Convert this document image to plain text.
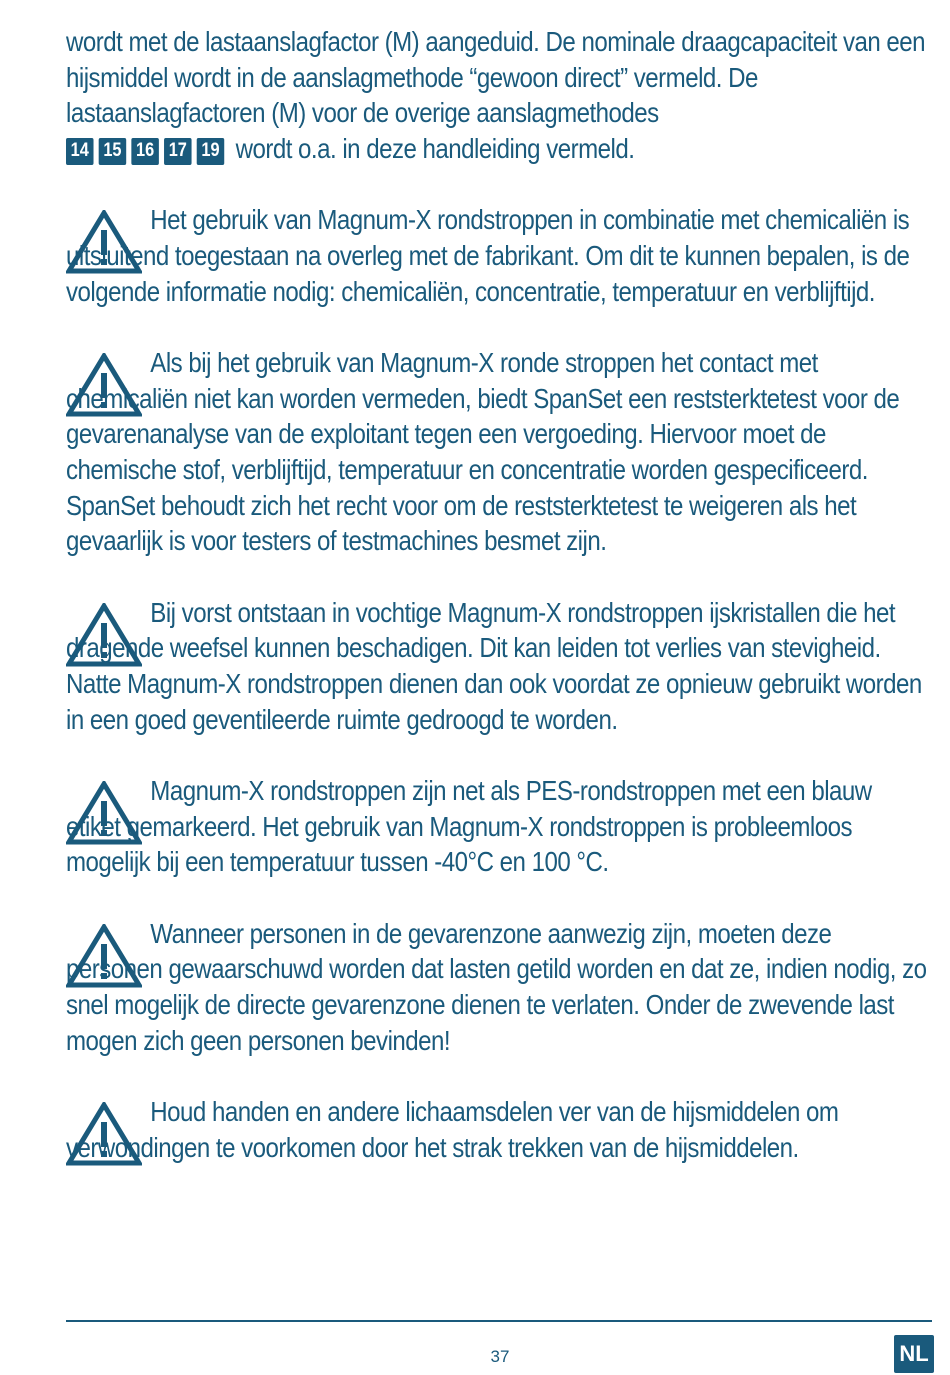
wordt met de lastaanslagfactor (M) aangeduid. De nominale draagcapaciteit van een hijsmiddel wordt in de aanslagmethode “gewoon direct” vermeld. De lastaanslagfactoren (M) voor de overige aanslagmethodes
14 15 16 17 19 wordt o.a. in deze handleiding vermeld.

Het gebruik van Magnum-X rondstroppen in combinatie met chemicaliën is uitsluitend toegestaan na overleg met de fabrikant. Om dit te kunnen bepalen, is de volgende informatie nodig: chemicaliën, concentratie, temperatuur en verblijftijd.

Als bij het gebruik van Magnum-X ronde stroppen het contact met chemicaliën niet kan worden vermeden, biedt SpanSet een reststerktetest voor de gevarenanalyse van de exploitant tegen een vergoeding. Hiervoor moet de chemische stof, verblijftijd, temperatuur en concentratie worden gespecificeerd. SpanSet behoudt zich het recht voor om de reststerktetest te weigeren als het gevaarlijk is voor testers of testmachines besmet zijn.

Bij vorst ontstaan in vochtige Magnum-X rondstroppen ijskristallen die het dragende weefsel kunnen beschadigen. Dit kan leiden tot verlies van stevigheid. Natte Magnum-X rondstroppen dienen dan ook voordat ze opnieuw gebruikt worden in een goed geventileerde ruimte gedroogd te worden.

Magnum-X rondstroppen zijn net als PES-rondstroppen met een blauw etiket gemarkeerd. Het gebruik van Magnum-X rondstroppen is probleemloos mogelijk bij een temperatuur tussen -40°C en 100 °C.

Wanneer personen in de gevarenzone aanwezig zijn, moeten deze personen gewaarschuwd worden dat lasten getild worden en dat ze, indien nodig, zo snel mogelijk de directe gevarenzone dienen te verlaten. Onder de zwevende last mogen zich geen personen bevinden!

Houd handen en andere lichaamsdelen ver van de hijsmiddelen om verwondingen te voorkomen door het strak trekken van de hijsmiddelen.

37	NL
